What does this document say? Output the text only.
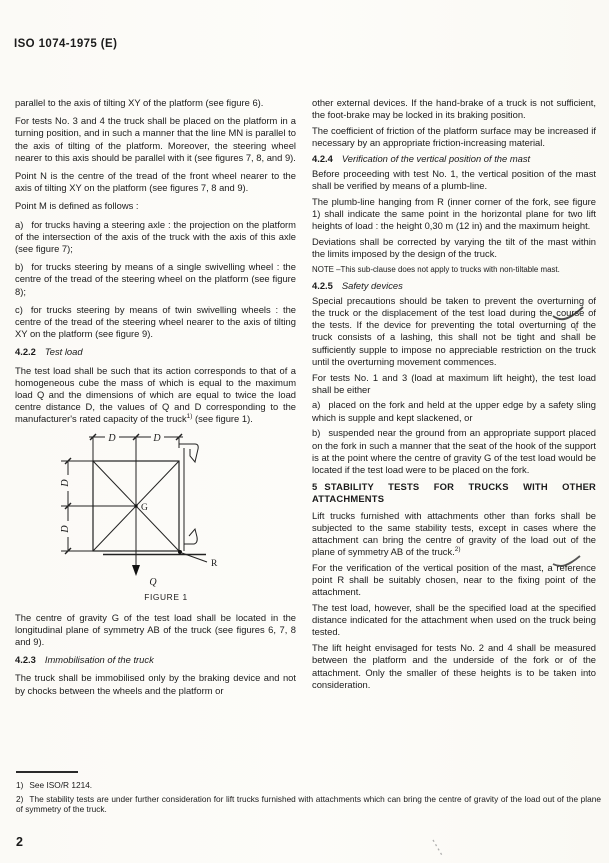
ISO 1074-1975 (E)

parallel to the axis of tilting XY of the platform (see figure 6).

For tests No. 3 and 4 the truck shall be placed on the platform in a turning position, and in such a manner that the line MN is parallel to the axis of tilting of the platform. Moreover, the steering wheel nearer to this axis should be parallel with it (see figures 7, 8, and 9).

Point N is the centre of the tread of the front wheel nearer to the axis of tilting XY on the platform (see figures 7, 8 and 9).

Point M is defined as follows :

a) for trucks having a steering axle : the projection on the platform of the intersection of the axis of the truck with the axis of this axle (see figure 7);

b) for trucks steering by means of a single swivelling wheel : the centre of the tread of the steering wheel on the platform (see figure 8);

c) for trucks steering by means of twin swivelling wheels : the centre of the tread of the steering wheel nearer to the axis of tilting XY on the platform (see figure 9).

4.2.2 Test load

The test load shall be such that its action corresponds to that of a homogeneous cube the mass of which is equal to the maximum load Q and the dimensions of which are equal to twice the load centre distance D, the values of Q and D corresponding to the manufacturer's rated capacity of the truck$^{1)}$ (see figure 1).

D	D
D
D
G
R
Q
FIGURE 1

The centre of gravity G of the test load shall be located in the longitudinal plane of symmetry AB of the truck (see figures 6, 7, 8 and 9).

4.2.3 Immobilisation of the truck

The truck shall be immobilised only by the braking device and not by chocks between the wheels and the platform or

other external devices. If the hand-brake of a truck is not sufficient, the foot-brake may be locked in its braking position.

The coefficient of friction of the platform surface may be increased if necessary by an appropriate friction-increasing material.

4.2.4 Verification of the vertical position of the mast

Before proceeding with test No. 1, the vertical position of the mast shall be verified by means of a plumb-line.

The plumb-line hanging from R (inner corner of the fork, see figure 1) shall indicate the same point in the horizontal plane for two lift heights of load : the height 0,30 m (12 in) and the maximum height.

Deviations shall be corrected by varying the tilt of the mast within the limits imposed by the design of the truck.

NOTE –This sub-clause does not apply to trucks with non-tiltable mast.

4.2.5 Safety devices

Special precautions should be taken to prevent the overturning of the truck or the displacement of the test load during the course of the tests. If the device for preventing the total overturning of the truck consists of a lashing, this shall not be tight and shall be sufficiently supple to impose no appreciable restriction on the truck until the overturning movement commences.

For tests No. 1 and 3 (load at maximum lift height), the test load shall be either

a) placed on the fork and held at the upper edge by a safety sling which is supple and kept slackened, or

b) suspended near the ground from an appropriate support placed on the fork in such a manner that the seat of the hook of the support is at the point where the centre of gravity G of the test load would be located if the test load were to be placed on the fork.

5 STABILITY TESTS FOR TRUCKS WITH OTHER ATTACHMENTS

Lift trucks furnished with attachments other than forks shall be subjected to the same stability tests, except in cases where the attachment can bring the centre of gravity of the load out of the plane of symmetry AB of the truck.$^{2)}$

For the verification of the vertical position of the mast, a reference point R shall be suitably chosen, near to the fixing point of the attachment.

The test load, however, shall be the specified load at the specified distance indicated for the attachment when used on the truck being tested.

The lift height envisaged for tests No. 2 and 4 shall be measured between the platform and the underside of the fork or of the attachment. Only the smaller of these heights is to be taken into consideration.

1) See ISO/R 1214.

2) The stability tests are under further consideration for lift trucks furnished with attachments which can bring the centre of gravity of the load out of the plane of symmetry of the truck.

2
